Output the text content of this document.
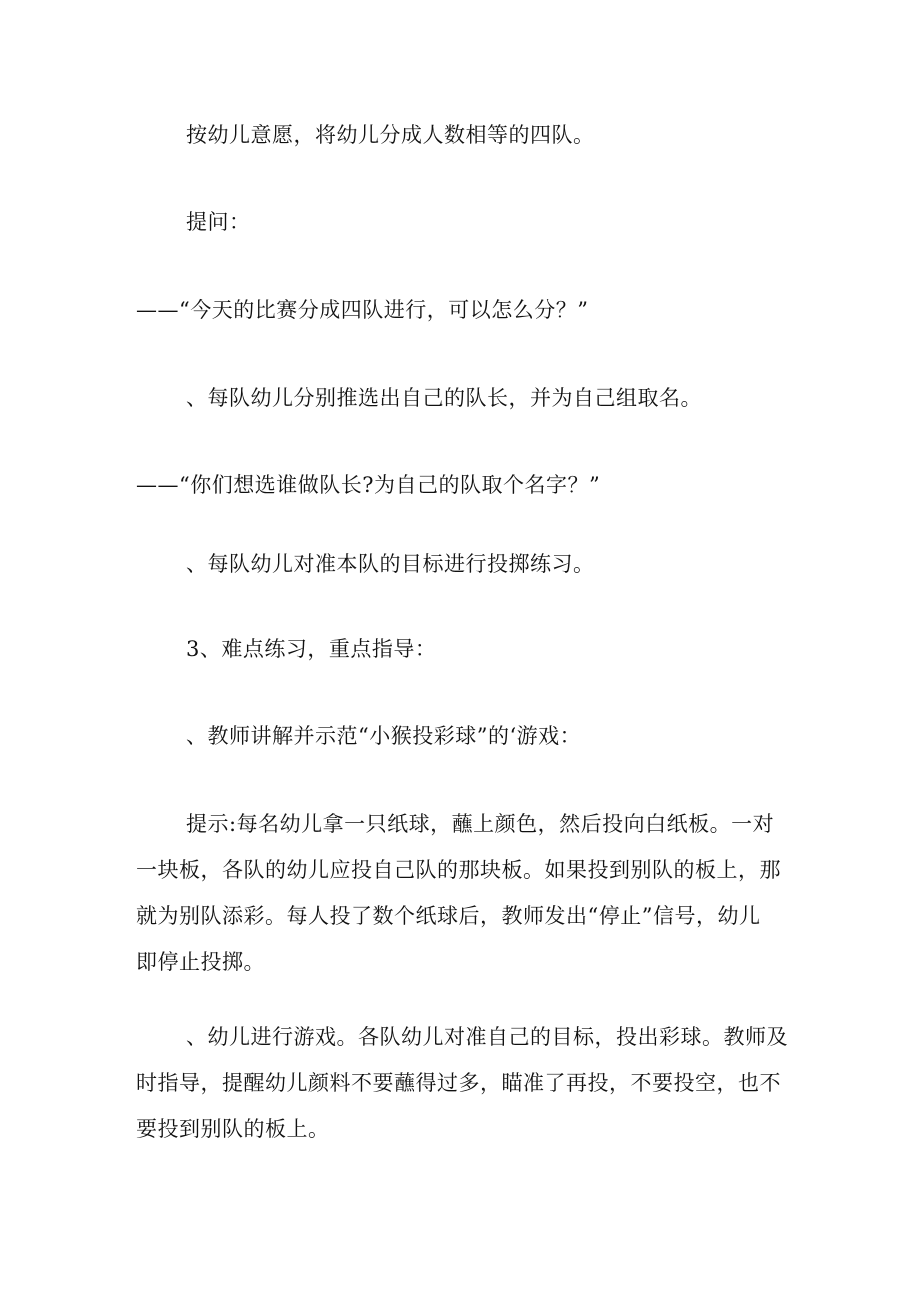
按幼儿意愿，将幼儿分成人数相等的四队。

提问：

——“今天的比赛分成四队进行，可以怎么分？”

、每队幼儿分别推选出自己的队长，并为自己组取名。

——“你们想选谁做队长?为自己的队取个名字？”

、每队幼儿对准本队的目标进行投掷练习。

3、难点练习，重点指导：

、教师讲解并示范“小猴投彩球”的‘游戏：

提示:每名幼儿拿一只纸球，蘸上颜色，然后投向白纸板。一对
一块板，各队的幼儿应投自己队的那块板。如果投到别队的板上，那
就为别队添彩。每人投了数个纸球后，教师发出“停止”信号，幼儿
即停止投掷。
、幼儿进行游戏。各队幼儿对准自己的目标，投出彩球。教师及
时指导，提醒幼儿颜料不要蘸得过多，瞄准了再投，不要投空，也不
要投到别队的板上。
